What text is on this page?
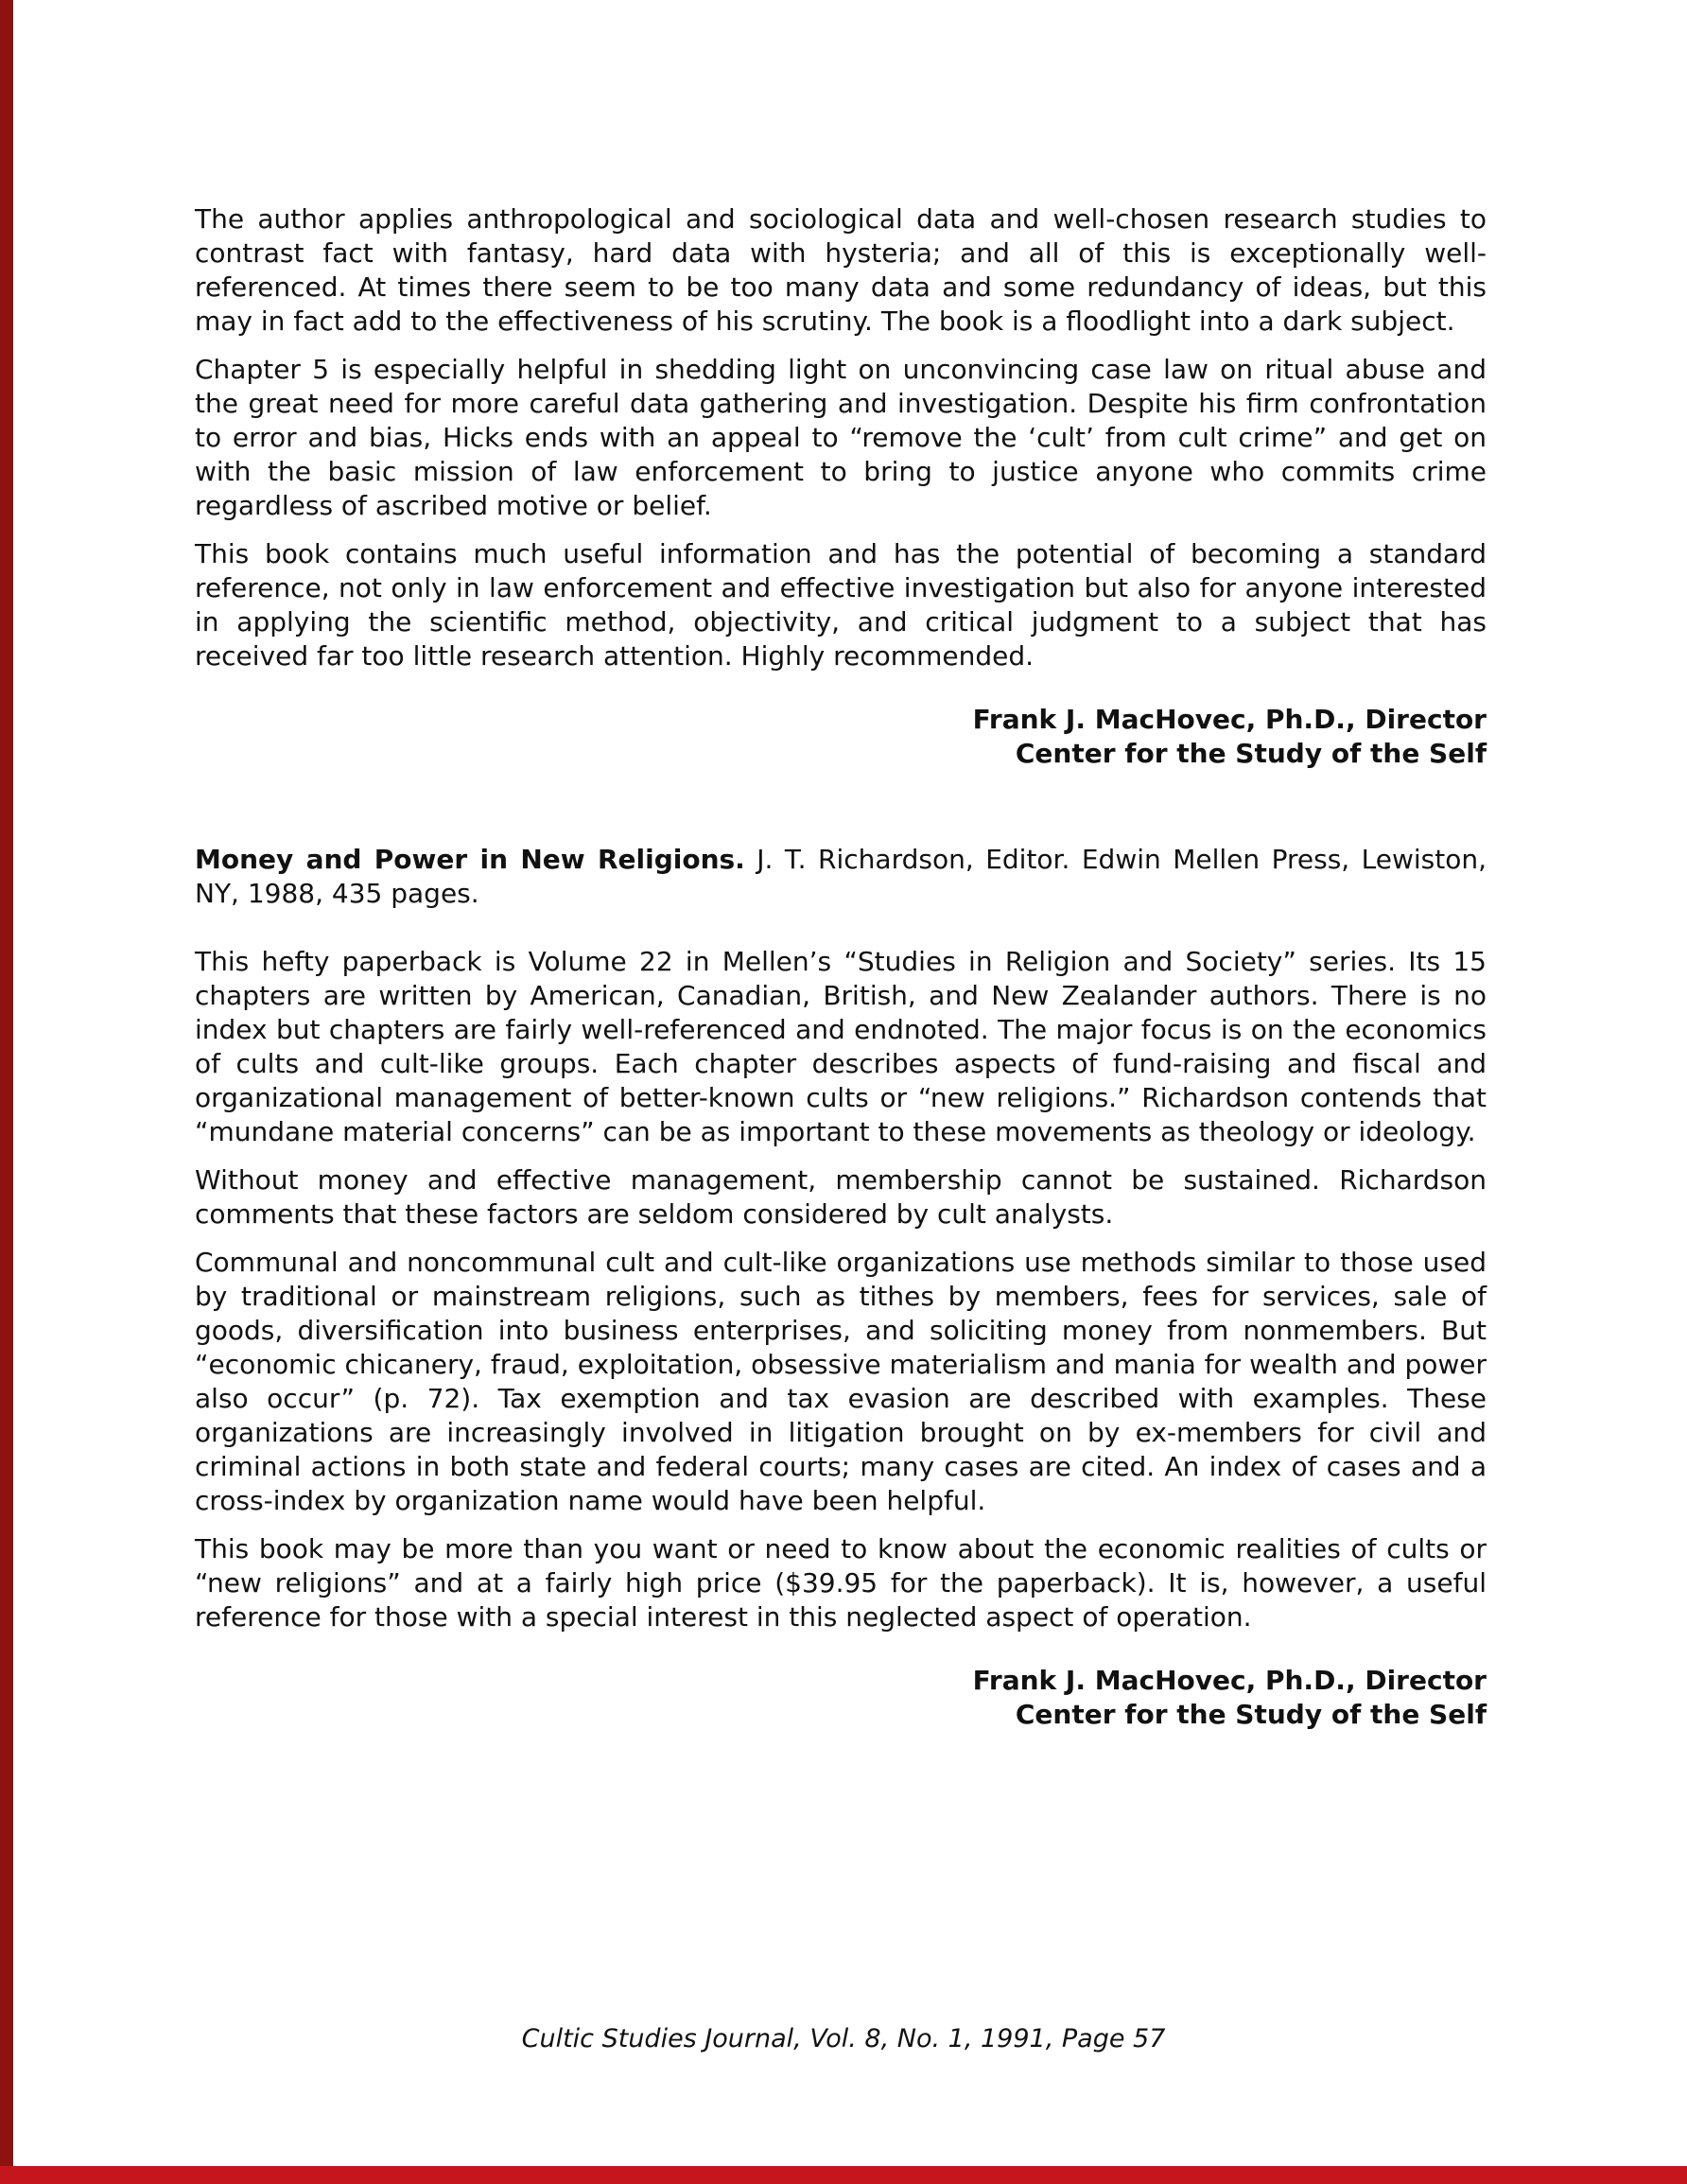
The author applies anthropological and sociological data and well-chosen research studies to contrast fact with fantasy, hard data with hysteria; and all of this is exceptionally well-referenced. At times there seem to be too many data and some redundancy of ideas, but this may in fact add to the effectiveness of his scrutiny. The book is a floodlight into a dark subject.

Chapter 5 is especially helpful in shedding light on unconvincing case law on ritual abuse and the great need for more careful data gathering and investigation. Despite his firm confrontation to error and bias, Hicks ends with an appeal to “remove the ‘cult’ from cult crime” and get on with the basic mission of law enforcement to bring to justice anyone who commits crime regardless of ascribed motive or belief.

This book contains much useful information and has the potential of becoming a standard reference, not only in law enforcement and effective investigation but also for anyone interested in applying the scientific method, objectivity, and critical judgment to a subject that has received far too little research attention. Highly recommended.

Frank J. MacHovec, Ph.D., Director
Center for the Study of the Self

Money and Power in New Religions. J. T. Richardson, Editor. Edwin Mellen Press, Lewiston, NY, 1988, 435 pages.

This hefty paperback is Volume 22 in Mellen’s “Studies in Religion and Society” series. Its 15 chapters are written by American, Canadian, British, and New Zealander authors. There is no index but chapters are fairly well-referenced and endnoted. The major focus is on the economics of cults and cult-like groups. Each chapter describes aspects of fund-raising and fiscal and organizational management of better-known cults or “new religions.” Richardson contends that “mundane material concerns” can be as important to these movements as theology or ideology.

Without money and effective management, membership cannot be sustained. Richardson comments that these factors are seldom considered by cult analysts.

Communal and noncommunal cult and cult-like organizations use methods similar to those used by traditional or mainstream religions, such as tithes by members, fees for services, sale of goods, diversification into business enterprises, and soliciting money from nonmembers. But “economic chicanery, fraud, exploitation, obsessive materialism and mania for wealth and power also occur” (p. 72). Tax exemption and tax evasion are described with examples. These organizations are increasingly involved in litigation brought on by ex-members for civil and criminal actions in both state and federal courts; many cases are cited. An index of cases and a cross-index by organization name would have been helpful.

This book may be more than you want or need to know about the economic realities of cults or “new religions” and at a fairly high price ($39.95 for the paperback). It is, however, a useful reference for those with a special interest in this neglected aspect of operation.

Frank J. MacHovec, Ph.D., Director
Center for the Study of the Self
Cultic Studies Journal, Vol. 8, No. 1, 1991, Page 57
